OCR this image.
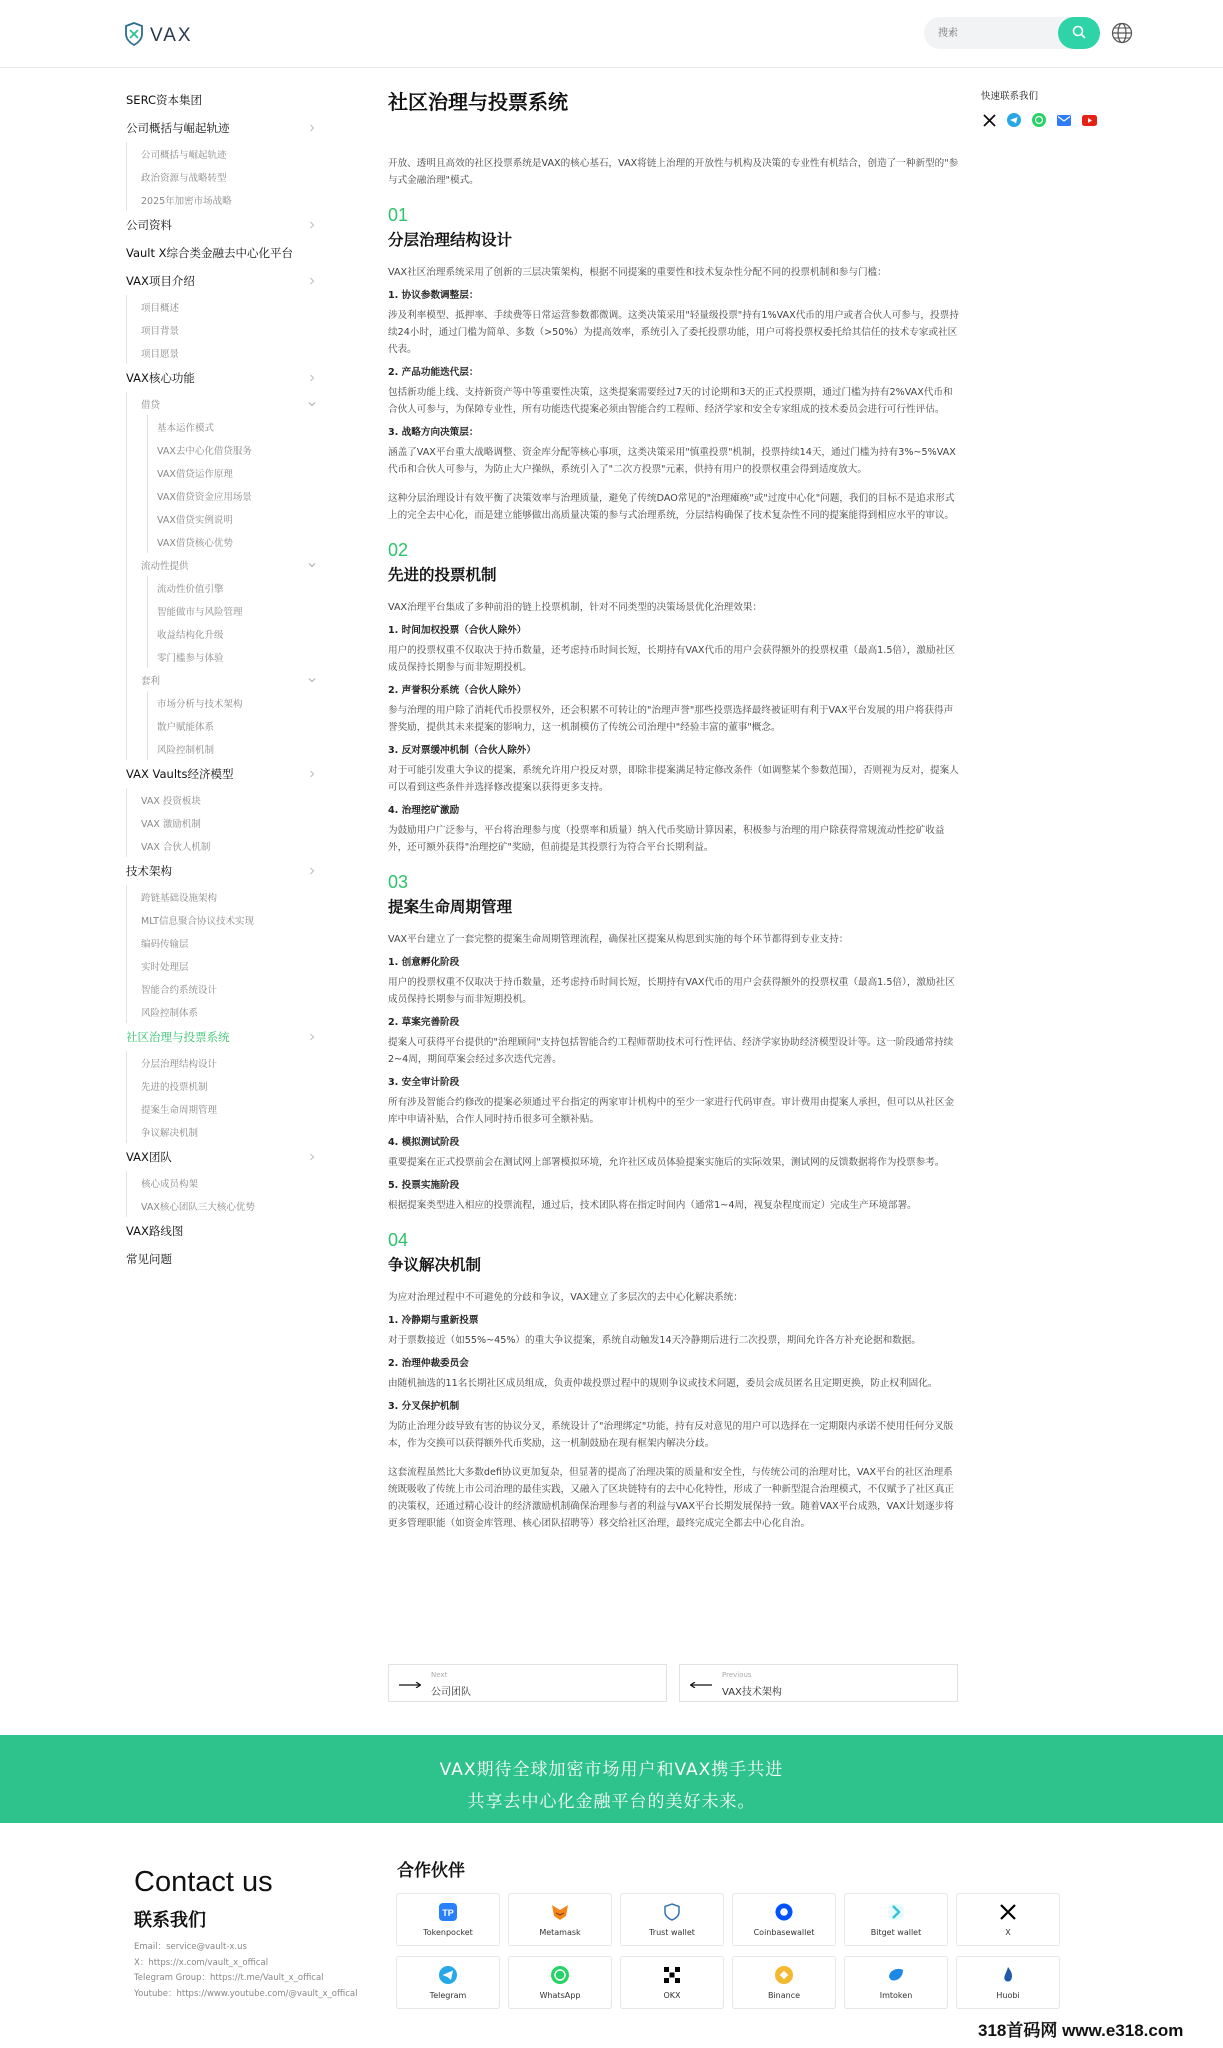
VAX
搜索
SERC资本集团
公司概括与崛起轨迹
公司概括与崛起轨迹
政治资源与战略转型
2025年加密市场战略
公司资料
Vault X综合类金融去中心化平台
VAX项目介绍
项目概述
项目背景
项目愿景
VAX核心功能
借贷
基本运作模式
VAX去中心化借贷服务
VAX借贷运作原理
VAX借贷资金应用场景
VAX借贷实例说明
VAX借贷核心优势
流动性提供
流动性价值引擎
智能做市与风险管理
收益结构化升级
零门槛参与体验
套利
市场分析与技术架构
散户赋能体系
风险控制机制
VAX Vaults经济模型
VAX 投资板块
VAX 激励机制
VAX 合伙人机制
技术架构
跨链基础设施架构
MLT信息聚合协议技术实现
编码传输层
实时处理层
智能合约系统设计
风险控制体系
社区治理与投票系统
分层治理结构设计
先进的投票机制
提案生命周期管理
争议解决机制
VAX团队
核心成员构架
VAX核心团队三大核心优势
VAX路线图
常见问题
社区治理与投票系统
开放、透明且高效的社区投票系统是VAX的核心基石，VAX将链上治理的开放性与机构及决策的专业性有机结合，创造了一种新型的"参与式金融治理"模式。
01
分层治理结构设计
VAX社区治理系统采用了创新的三层决策架构，根据不同提案的重要性和技术复杂性分配不同的投票机制和参与门槛：
1. 协议参数调整层：
涉及利率模型、抵押率、手续费等日常运营参数都微调。这类决策采用"轻量级投票"持有1%VAX代币的用户或者合伙人可参与，投票持续24小时，通过门槛为简单、多数（>50%）为提高效率，系统引入了委托投票功能，用户可将投票权委托给其信任的技术专家或社区代表。
2. 产品功能迭代层：
包括新功能上线、支持新资产等中等重要性决策，这类提案需要经过7天的讨论期和3天的正式投票期，通过门槛为持有2%VAX代币和合伙人可参与，为保障专业性，所有功能迭代提案必须由智能合约工程师、经济学家和安全专家组成的技术委员会进行可行性评估。
3. 战略方向决策层：
涵盖了VAX平台重大战略调整、资金库分配等核心事项，这类决策采用"慎重投票"机制，投票持续14天，通过门槛为持有3%~5%VAX代币和合伙人可参与，为防止大户操纵，系统引入了"二次方投票"元素，供持有用户的投票权重会得到适度放大。
这种分层治理设计有效平衡了决策效率与治理质量，避免了传统DAO常见的"治理瘫痪"或"过度中心化"问题，我们的目标不是追求形式上的完全去中心化，而是建立能够做出高质量决策的参与式治理系统，分层结构确保了技术复杂性不同的提案能得到相应水平的审议。
02
先进的投票机制
VAX治理平台集成了多种前沿的链上投票机制，针对不同类型的决策场景优化治理效果：
1. 时间加权投票（合伙人除外）
用户的投票权重不仅取决于持币数量，还考虑持币时间长短，长期持有VAX代币的用户会获得额外的投票权重（最高1.5倍），激励社区成员保持长期参与而非短期投机。
2. 声誉积分系统（合伙人除外）
参与治理的用户除了消耗代币投票权外，还会积累不可转让的"治理声誉"那些投票选择最终被证明有利于VAX平台发展的用户将获得声誉奖励，提供其未来提案的影响力，这一机制模仿了传统公司治理中"经验丰富的董事"概念。
3. 反对票缓冲机制（合伙人除外）
对于可能引发重大争议的提案，系统允许用户投反对票，即除非提案满足特定修改条件（如调整某个参数范围），否则视为反对，提案人可以看到这些条件并选择修改提案以获得更多支持。
4. 治理挖矿激励
为鼓励用户广泛参与，平台将治理参与度（投票率和质量）纳入代币奖励计算因素，积极参与治理的用户除获得常规流动性挖矿收益外，还可额外获得"治理挖矿"奖励，但前提是其投票行为符合平台长期利益。
03
提案生命周期管理
VAX平台建立了一套完整的提案生命周期管理流程，确保社区提案从构思到实施的每个环节都得到专业支持：
1. 创意孵化阶段
用户的投票权重不仅取决于持币数量，还考虑持币时间长短，长期持有VAX代币的用户会获得额外的投票权重（最高1.5倍），激励社区成员保持长期参与而非短期投机。
2. 草案完善阶段
提案人可获得平台提供的"治理顾问"支持包括智能合约工程师帮助技术可行性评估、经济学家协助经济模型设计等。这一阶段通常持续2~4周，期间草案会经过多次迭代完善。
3. 安全审计阶段
所有涉及智能合约修改的提案必须通过平台指定的两家审计机构中的至少一家进行代码审查。审计费用由提案人承担，但可以从社区金库中申请补贴，合作人同时持币很多可全额补贴。
4. 模拟测试阶段
重要提案在正式投票前会在测试网上部署模拟环境，允许社区成员体验提案实施后的实际效果，测试网的反馈数据将作为投票参考。
5. 投票实施阶段
根据提案类型进入相应的投票流程，通过后，技术团队将在指定时间内（通常1~4周，视复杂程度而定）完成生产环境部署。
04
争议解决机制
为应对治理过程中不可避免的分歧和争议，VAX建立了多层次的去中心化解决系统：
1. 冷静期与重新投票
对于票数接近（如55%~45%）的重大争议提案，系统自动触发14天冷静期后进行二次投票，期间允许各方补充论据和数据。
2. 治理仲裁委员会
由随机抽选的11名长期社区成员组成，负责仲裁投票过程中的规则争议或技术问题，委员会成员匿名且定期更换，防止权利固化。
3. 分叉保护机制
为防止治理分歧导致有害的协议分叉，系统设计了"治理绑定"功能，持有反对意见的用户可以选择在一定期限内承诺不使用任何分叉版本，作为交换可以获得额外代币奖励，这一机制鼓励在现有框架内解决分歧。
这套流程虽然比大多数defi协议更加复杂，但显著的提高了治理决策的质量和安全性，与传统公司的治理对比，VAX平台的社区治理系统既吸收了传统上市公司治理的最佳实践，又融入了区块链特有的去中心化特性，形成了一种新型混合治理模式，不仅赋予了社区真正的决策权，还通过精心设计的经济激励机制确保治理参与者的利益与VAX平台长期发展保持一致。随着VAX平台成熟，VAX计划逐步将更多管理职能（如资金库管理、核心团队招聘等）移交给社区治理，最终完成完全都去中心化自治。
Next
公司团队
Previous
VAX技术架构
快速联系我们
VAX期待全球加密市场用户和VAX携手共进
共享去中心化金融平台的美好未来。
Contact us
联系我们
Email：service@vault-x.us
X：https://x.com/vault_x_offical
Telegram Group：https://t.me/Vault_x_offical
Youtube：https://www.youtube.com/@vault_x_offical
合作伙伴
TP
Tokenpocket	Metamask	Trust wallet	Coinbasewallet	Bitget wallet	X
Telegram	WhatsApp	OKX	Binance	Imtoken	Huobi
318首码网 www.e318.com
